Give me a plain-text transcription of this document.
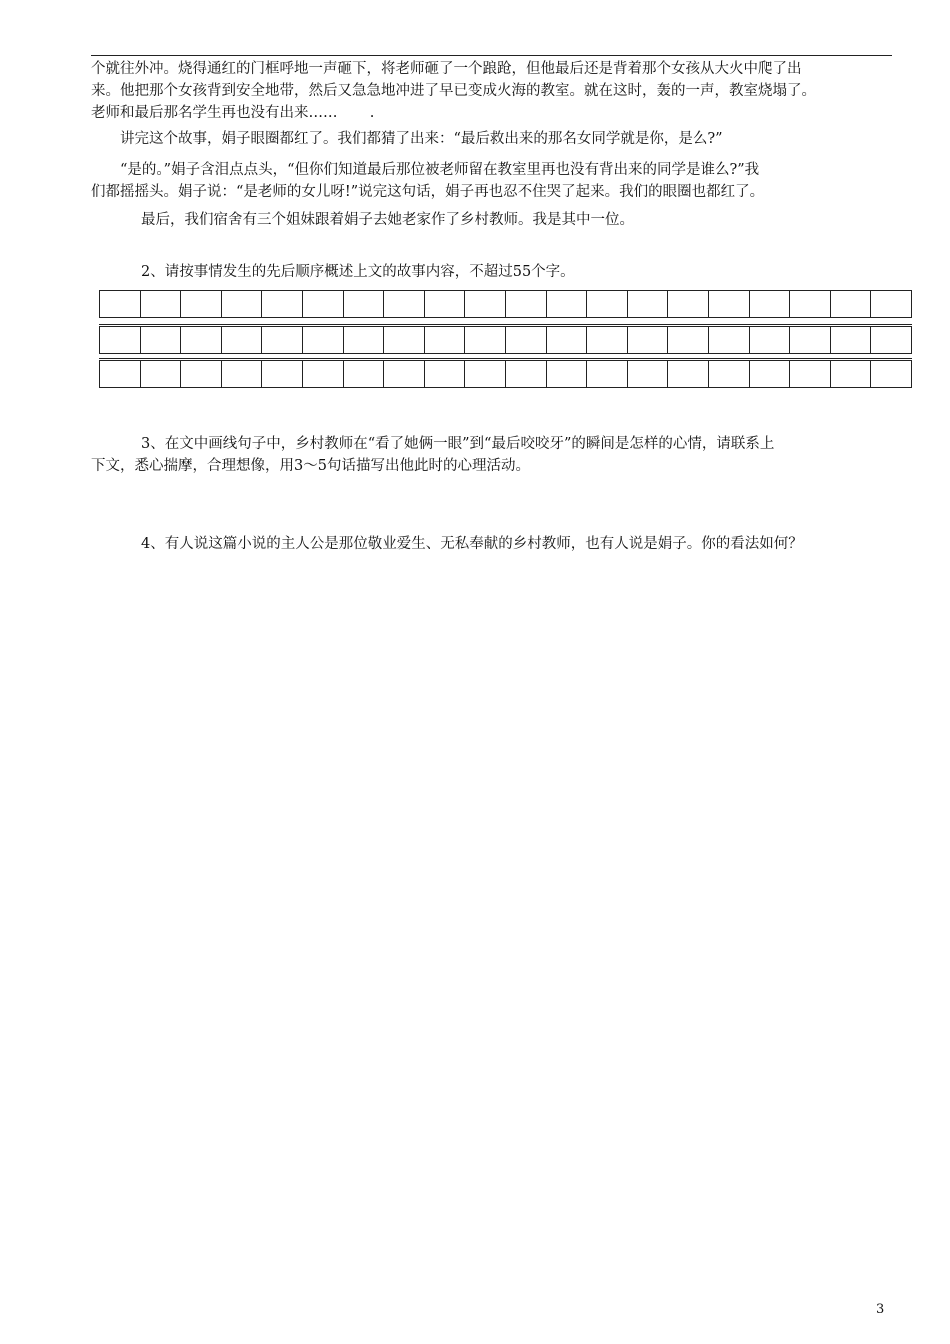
个就往外冲。烧得通红的门框呼地一声砸下，将老师砸了一个踉跄，但他最后还是背着那个女孩从大火中爬了出
来。他把那个女孩背到安全地带，然后又急急地冲进了早已变成火海的教室。就在这时，轰的一声，教室烧塌了。
老师和最后那名学生再也没有出来……       .

讲完这个故事，娟子眼圈都红了。我们都猜了出来：“最后救出来的那名女同学就是你，是么?”

“是的。”娟子含泪点点头，“但你们知道最后那位被老师留在教室里再也没有背出来的同学是谁么?”我
们都摇摇头。娟子说：“是老师的女儿呀!”说完这句话，娟子再也忍不住哭了起来。我们的眼圈也都红了。

最后，我们宿舍有三个姐妹跟着娟子去她老家作了乡村教师。我是其中一位。

2、请按事情发生的先后顺序概述上文的故事内容，不超过55个字。

3、在文中画线句子中，乡村教师在“看了她俩一眼”到“最后咬咬牙”的瞬间是怎样的心情，请联系上
下文，悉心揣摩，合理想像，用3～5句话描写出他此时的心理活动。

4、有人说这篇小说的主人公是那位敬业爱生、无私奉献的乡村教师，也有人说是娟子。你的看法如何？

3
